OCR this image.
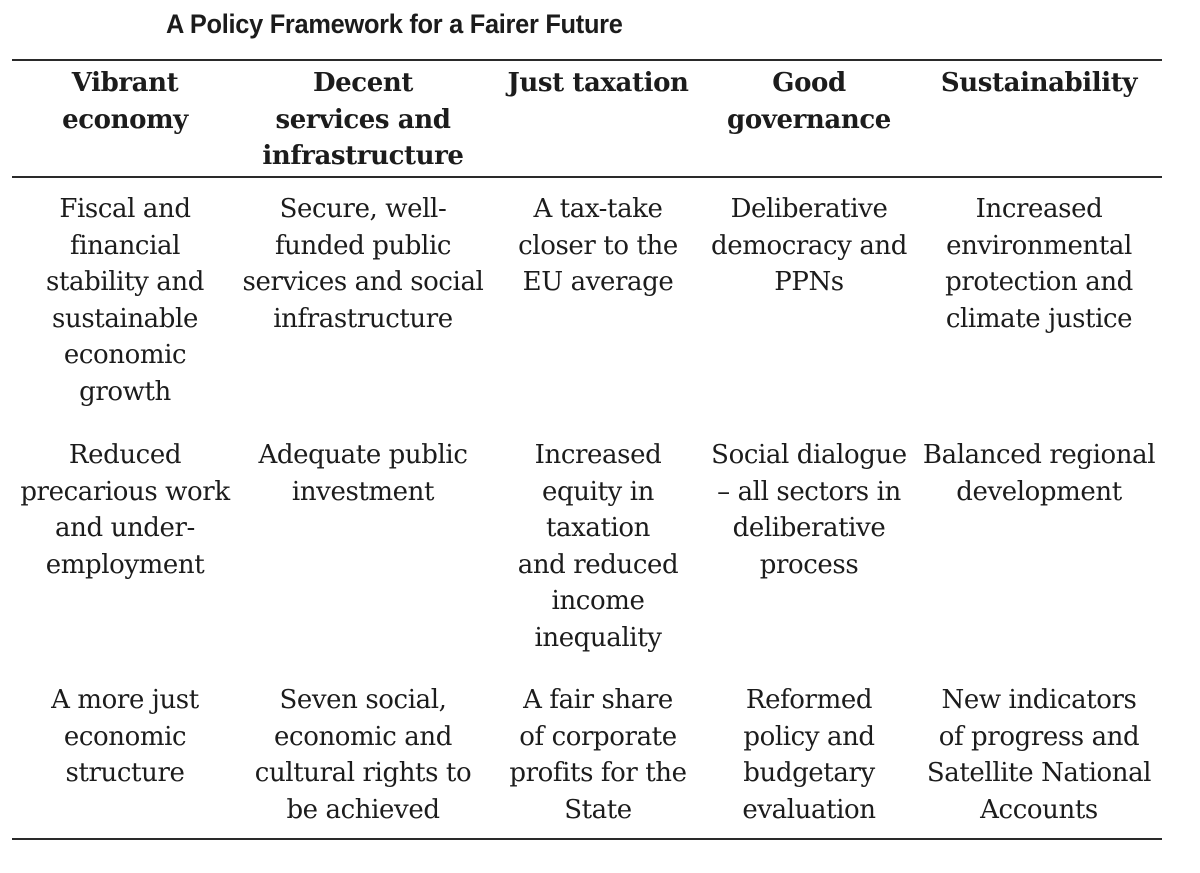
A Policy Framework for a Fairer Future
Vibrant
economy
Decent
services and
infrastructure
Just taxation	Good
governance
Sustainability
Fiscal and
financial
stability and
sustainable
economic
growth
Secure, well-
funded public
services and social
infrastructure
A tax-take
closer to the
EU average
Deliberative
democracy and
PPNs
Increased
environmental
protection and
climate justice
Reduced
precarious work
and under-
employment
Adequate public
investment
Increased
equity in
taxation
and reduced
income
inequality
Social dialogue
– all sectors in
deliberative
process
Balanced regional
development
A more just
economic
structure
Seven social,
economic and
cultural rights to
be achieved
A fair share
of corporate
profits for the
State
Reformed
policy and
budgetary
evaluation
New indicators
of progress and
Satellite National
Accounts
